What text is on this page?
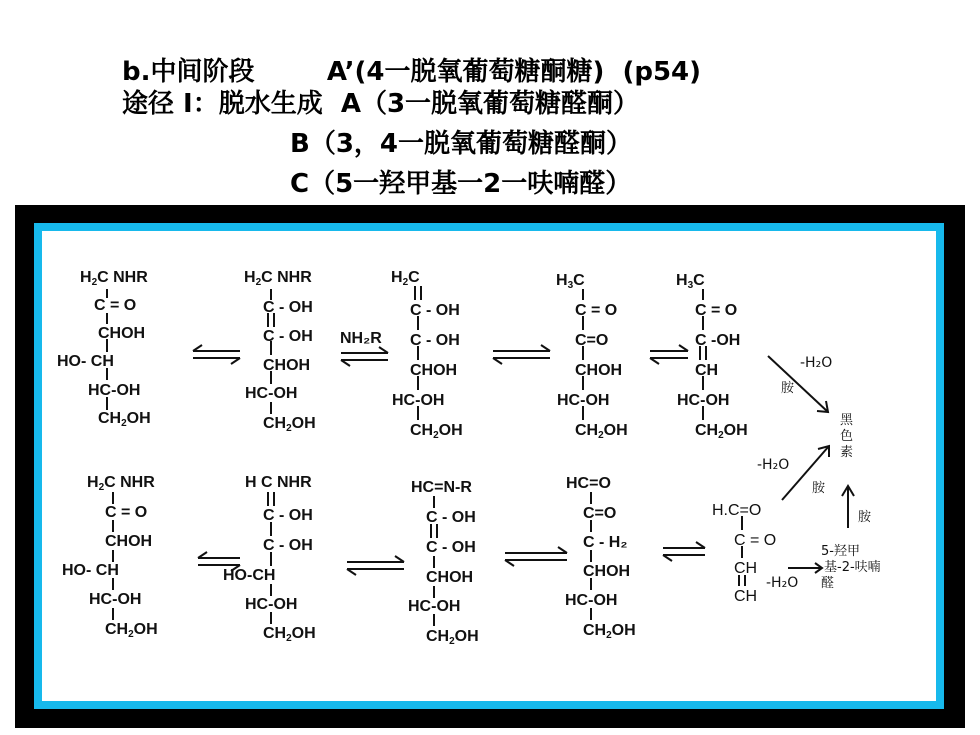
b.中间阶段        A’(4一脱氧葡萄糖酮糖)  (p54)
途径 I：脱水生成  A（3一脱氧葡萄糖醛酮）
B（3，4一脱氧葡萄糖醛酮）
C（5一羟甲基一2一呋喃醛）
$H_2C$ NHR
C = O
CHOH
HO- CH
HC-OH
$CH_2OH$
$H_2C$ NHR
C - OH
C - OH
CHOH
HC-OH
$CH_2OH$
NH₂R
$H_2C$
C - OH
C - OH
CHOH
HC-OH
$CH_2OH$
$H_3C$
C = O
C=O
CHOH
HC-OH
$CH_2OH$
$H_3C$
C = O
C -OH
CH
HC-OH
$CH_2OH$
-H₂O
胺
黑
色
素
-H₂O
胺
胺
$H_2C$ NHR
C = O
CHOH
HO- CH
HC-OH
$CH_2OH$
H C NHR
C - OH
C - OH
HO-CH
HC-OH
$CH_2OH$
HC=N-R
C - OH
C - OH
CHOH
HC-OH
$CH_2OH$
HC=O
C=O
C - H₂
CHOH
HC-OH
$CH_2OH$
H.C=O
C = O
CH
CH
5-羟甲
基-2-呋喃
醛
-H₂O
